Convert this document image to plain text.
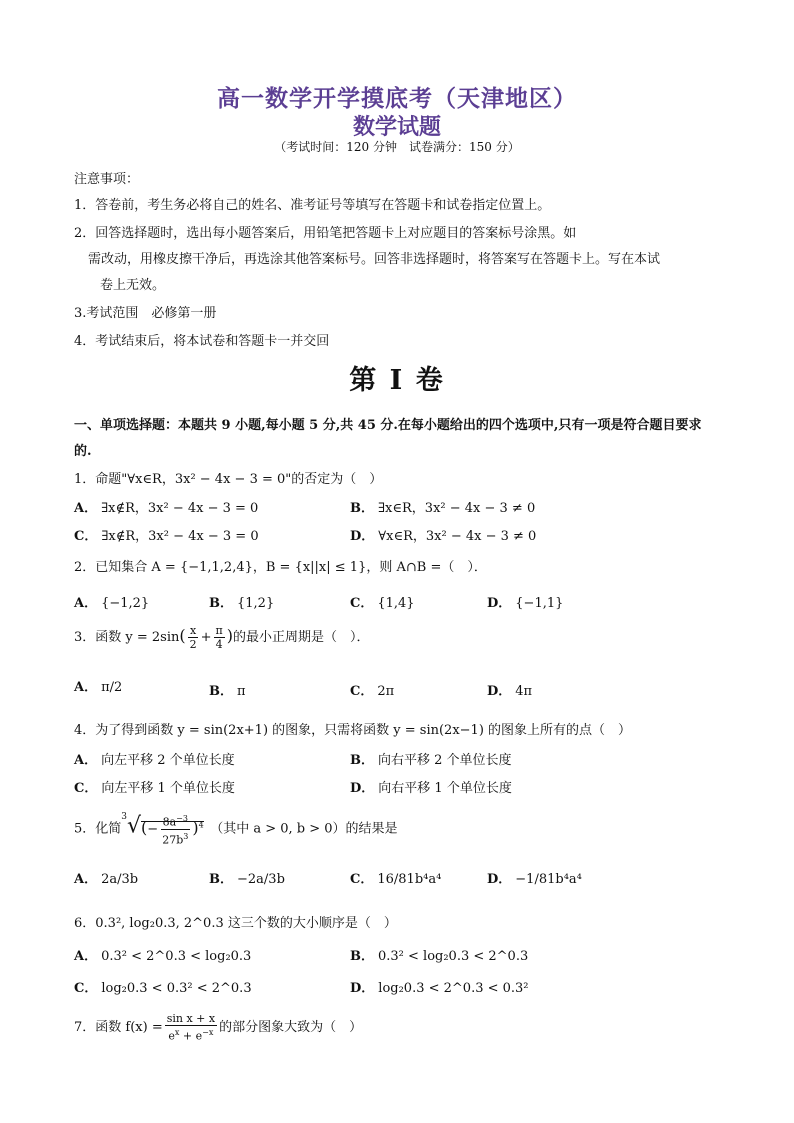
高一数学开学摸底考（天津地区）
数学试题
（考试时间：120 分钟　试卷满分：150 分）
注意事项：
1．答卷前，考生务必将自己的姓名、准考证号等填写在答题卡和试卷指定位置上。
2．回答选择题时，选出每小题答案后，用铅笔把答题卡上对应题目的答案标号涂黑。如
需改动，用橡皮擦干净后，再选涂其他答案标号。回答非选择题时，将答案写在答题卡上。写在本试
卷上无效。
3.考试范围　必修第一册
4．考试结束后，将本试卷和答题卡一并交回
第 I 卷
一、单项选择题：本题共 9 小题,每小题 5 分,共 45 分.在每小题给出的四个选项中,只有一项是符合题目要求
的.
1．命题"∀x∈R，3x² − 4x − 3 = 0"的否定为（　）
A． ∃x∉R，3x² − 4x − 3 = 0	B． ∃x∈R，3x² − 4x − 3 ≠ 0
C． ∃x∉R，3x² − 4x − 3 = 0	D． ∀x∈R，3x² − 4x − 3 ≠ 0
2．已知集合 A = {−1,1,2,4}，B = {x||x| ≤ 1}，则 A∩B =（　）．
A． {−1,2}	B． {1,2}	C． {1,4}	D． {−1,1}
3．函数 $y = 2\sin( \frac{x}{2} + \frac{\pi}{4}$ )的最小正周期是（　）．
A． π/2	B． π	C． 2π	D． 4π
4．为了得到函数 y = sin(2x+1) 的图象，只需将函数 y = sin(2x−1) 的图象上所有的点（　）
A． 向左平移 2 个单位长度	B． 向右平移 2 个单位长度
C． 向左平移 1 个单位长度	D． 向右平移 1 个单位长度
5．化简$^3√(- \frac{8a^{-3}}{27b^3} )^4$　 （其中 a > 0, b > 0）的结果是
A． 2a/3b	B． −2a/3b	C． 16/81b⁴a⁴	D． −1/81b⁴a⁴
6．0.3², log₂0.3, 2^0.3 这三个数的大小顺序是（　）
A． 0.3² < 2^0.3 < log₂0.3	B． 0.3² < log₂0.3 < 2^0.3
C． log₂0.3 < 0.3² < 2^0.3	D． log₂0.3 < 2^0.3 < 0.3²
7．函数 $f(x) = \frac{\text{sin x + x}}{e^x + e^{-x}}$ 的部分图象大致为（　）
